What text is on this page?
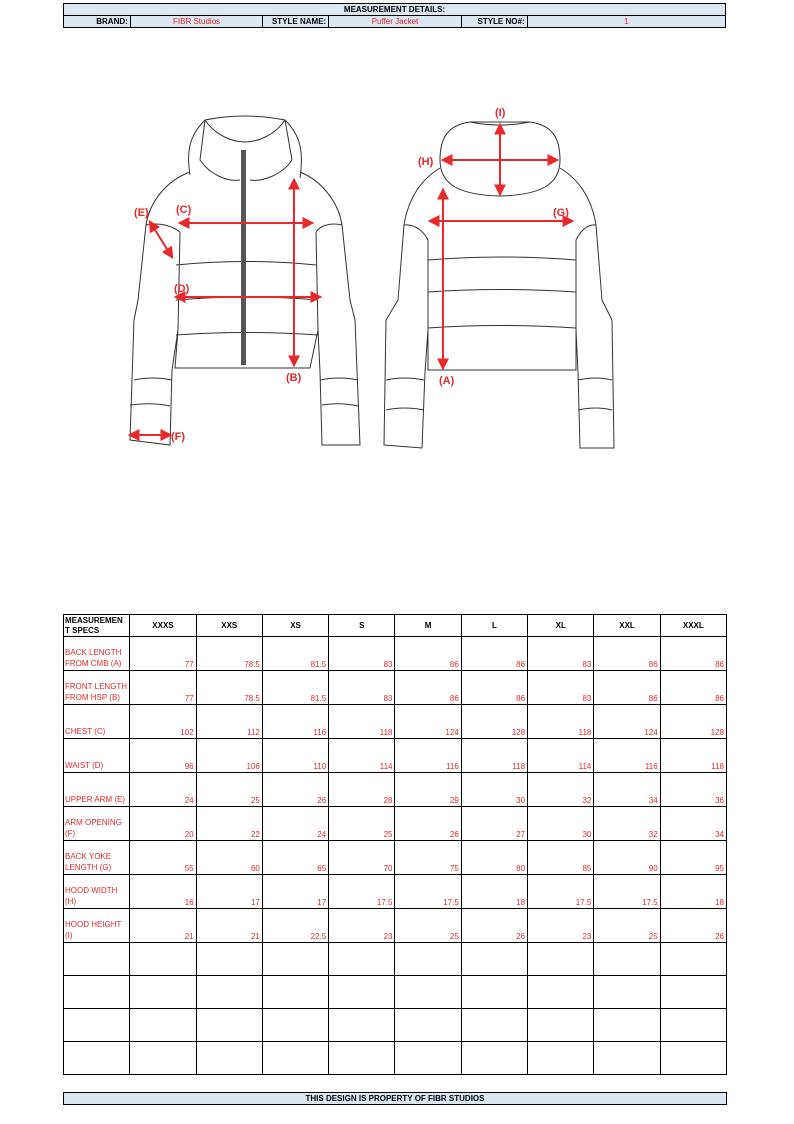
MEASUREMENT DETAILS:
BRAND:	FIBR Studios	STYLE NAME:	Puffer Jacket	STYLE NO#:	1
(B)
(C)
(D)
(E)
(F)
(G)
(H)
(I)
(A)
MEASUREMEN T SPECS	XXXS	XXS	XS	S	M	L	XL	XXL	XXXL
BACK LENGTH FROM CMB (A)	77	78.5	81.5	83	86	86	83	86	86
FRONT LENGTH FROM HSP (B)	77	78.5	81.5	83	86	86	83	86	86
CHEST (C)	102	112	116	118	124	128	118	124	128
WAIST (D)	96	106	110	114	116	118	114	116	118
UPPER ARM (E)	24	25	26	28	29	30	32	34	36
ARM OPENING (F)	20	22	24	25	26	27	30	32	34
BACK YOKE LENGTH (G)	55	60	65	70	75	80	85	90	95
HOOD WIDTH (H)	16	17	17	17.5	17.5	18	17.5	17.5	18
HOOD HEIGHT (I)	21	21	22.5	23	25	26	23	25	26

THIS DESIGN IS PROPERTY OF FIBR STUDIOS
